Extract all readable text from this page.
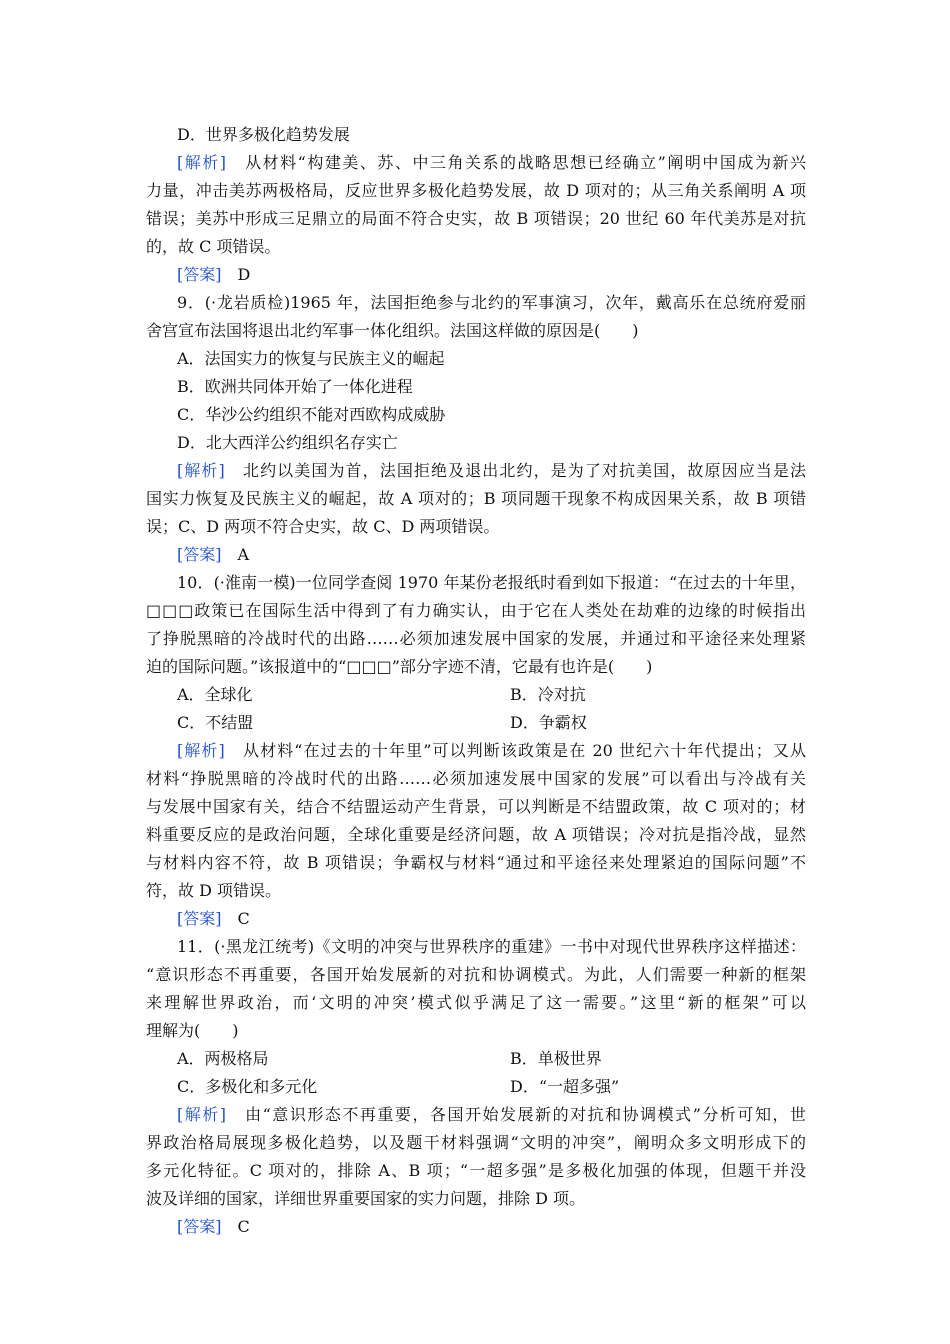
D．世界多极化趋势发展
[解析]　 从材料“构建美、苏、中三角关系的战略思想已经确立”阐明中国成为新兴
力量，冲击美苏两极格局，反应世界多极化趋势发展，故 D 项对的；从三角关系阐明 A 项
错误；美苏中形成三足鼎立的局面不符合史实，故 B 项错误；20 世纪 60 年代美苏是对抗
的，故 C 项错误。
[答案]　 D
9．(·龙岩质检)1965 年，法国拒绝参与北约的军事演习，次年，戴高乐在总统府爱丽
舍宫宣布法国将退出北约军事一体化组织。法国这样做的原因是(　　)
A．法国实力的恢复与民族主义的崛起
B．欧洲共同体开始了一体化进程
C．华沙公约组织不能对西欧构成威胁
D．北大西洋公约组织名存实亡
[解析]　 北约以美国为首，法国拒绝及退出北约，是为了对抗美国，故原因应当是法
国实力恢复及民族主义的崛起，故 A 项对的；B 项同题干现象不构成因果关系，故 B 项错
误；C、D 两项不符合史实，故 C、D 两项错误。
[答案]　 A
10．(·淮南一模)一位同学查阅 1970 年某份老报纸时看到如下报道：“在过去的十年里，
□□□政策已在国际生活中得到了有力确实认，由于它在人类处在劫难的边缘的时候指出
了挣脱黑暗的冷战时代的出路……必须加速发展中国家的发展，并通过和平途径来处理紧
迫的国际问题。”该报道中的“□□□”部分字迹不清，它最有也许是(　　)
A．全球化	B．冷对抗
C．不结盟	D．争霸权
[解析]　 从材料“在过去的十年里”可以判断该政策是在 20 世纪六十年代提出；又从
材料“挣脱黑暗的冷战时代的出路……必须加速发展中国家的发展”可以看出与冷战有关
与发展中国家有关，结合不结盟运动产生背景，可以判断是不结盟政策，故 C 项对的；材
料重要反应的是政治问题，全球化重要是经济问题，故 A 项错误；冷对抗是指冷战，显然
与材料内容不符，故 B 项错误；争霸权与材料“通过和平途径来处理紧迫的国际问题”不
符，故 D 项错误。
[答案]　 C
11．(·黑龙江统考)《文明的冲突与世界秩序的重建》一书中对现代世界秩序这样描述：
“意识形态不再重要，各国开始发展新的对抗和协调模式。为此，人们需要一种新的框架
来理解世界政治，而‘文明的冲突’模式似乎满足了这一需要。”这里“新的框架”可以
理解为(　　)
A．两极格局	B．单极世界
C．多极化和多元化	D．“一超多强”
[解析]　 由“意识形态不再重要，各国开始发展新的对抗和协调模式”分析可知，世
界政治格局展现多极化趋势，以及题干材料强调“文明的冲突”，阐明众多文明形成下的
多元化特征。C 项对的，排除 A、B 项；“一超多强”是多极化加强的体现，但题干并没
波及详细的国家，详细世界重要国家的实力问题，排除 D 项。
[答案]　 C
